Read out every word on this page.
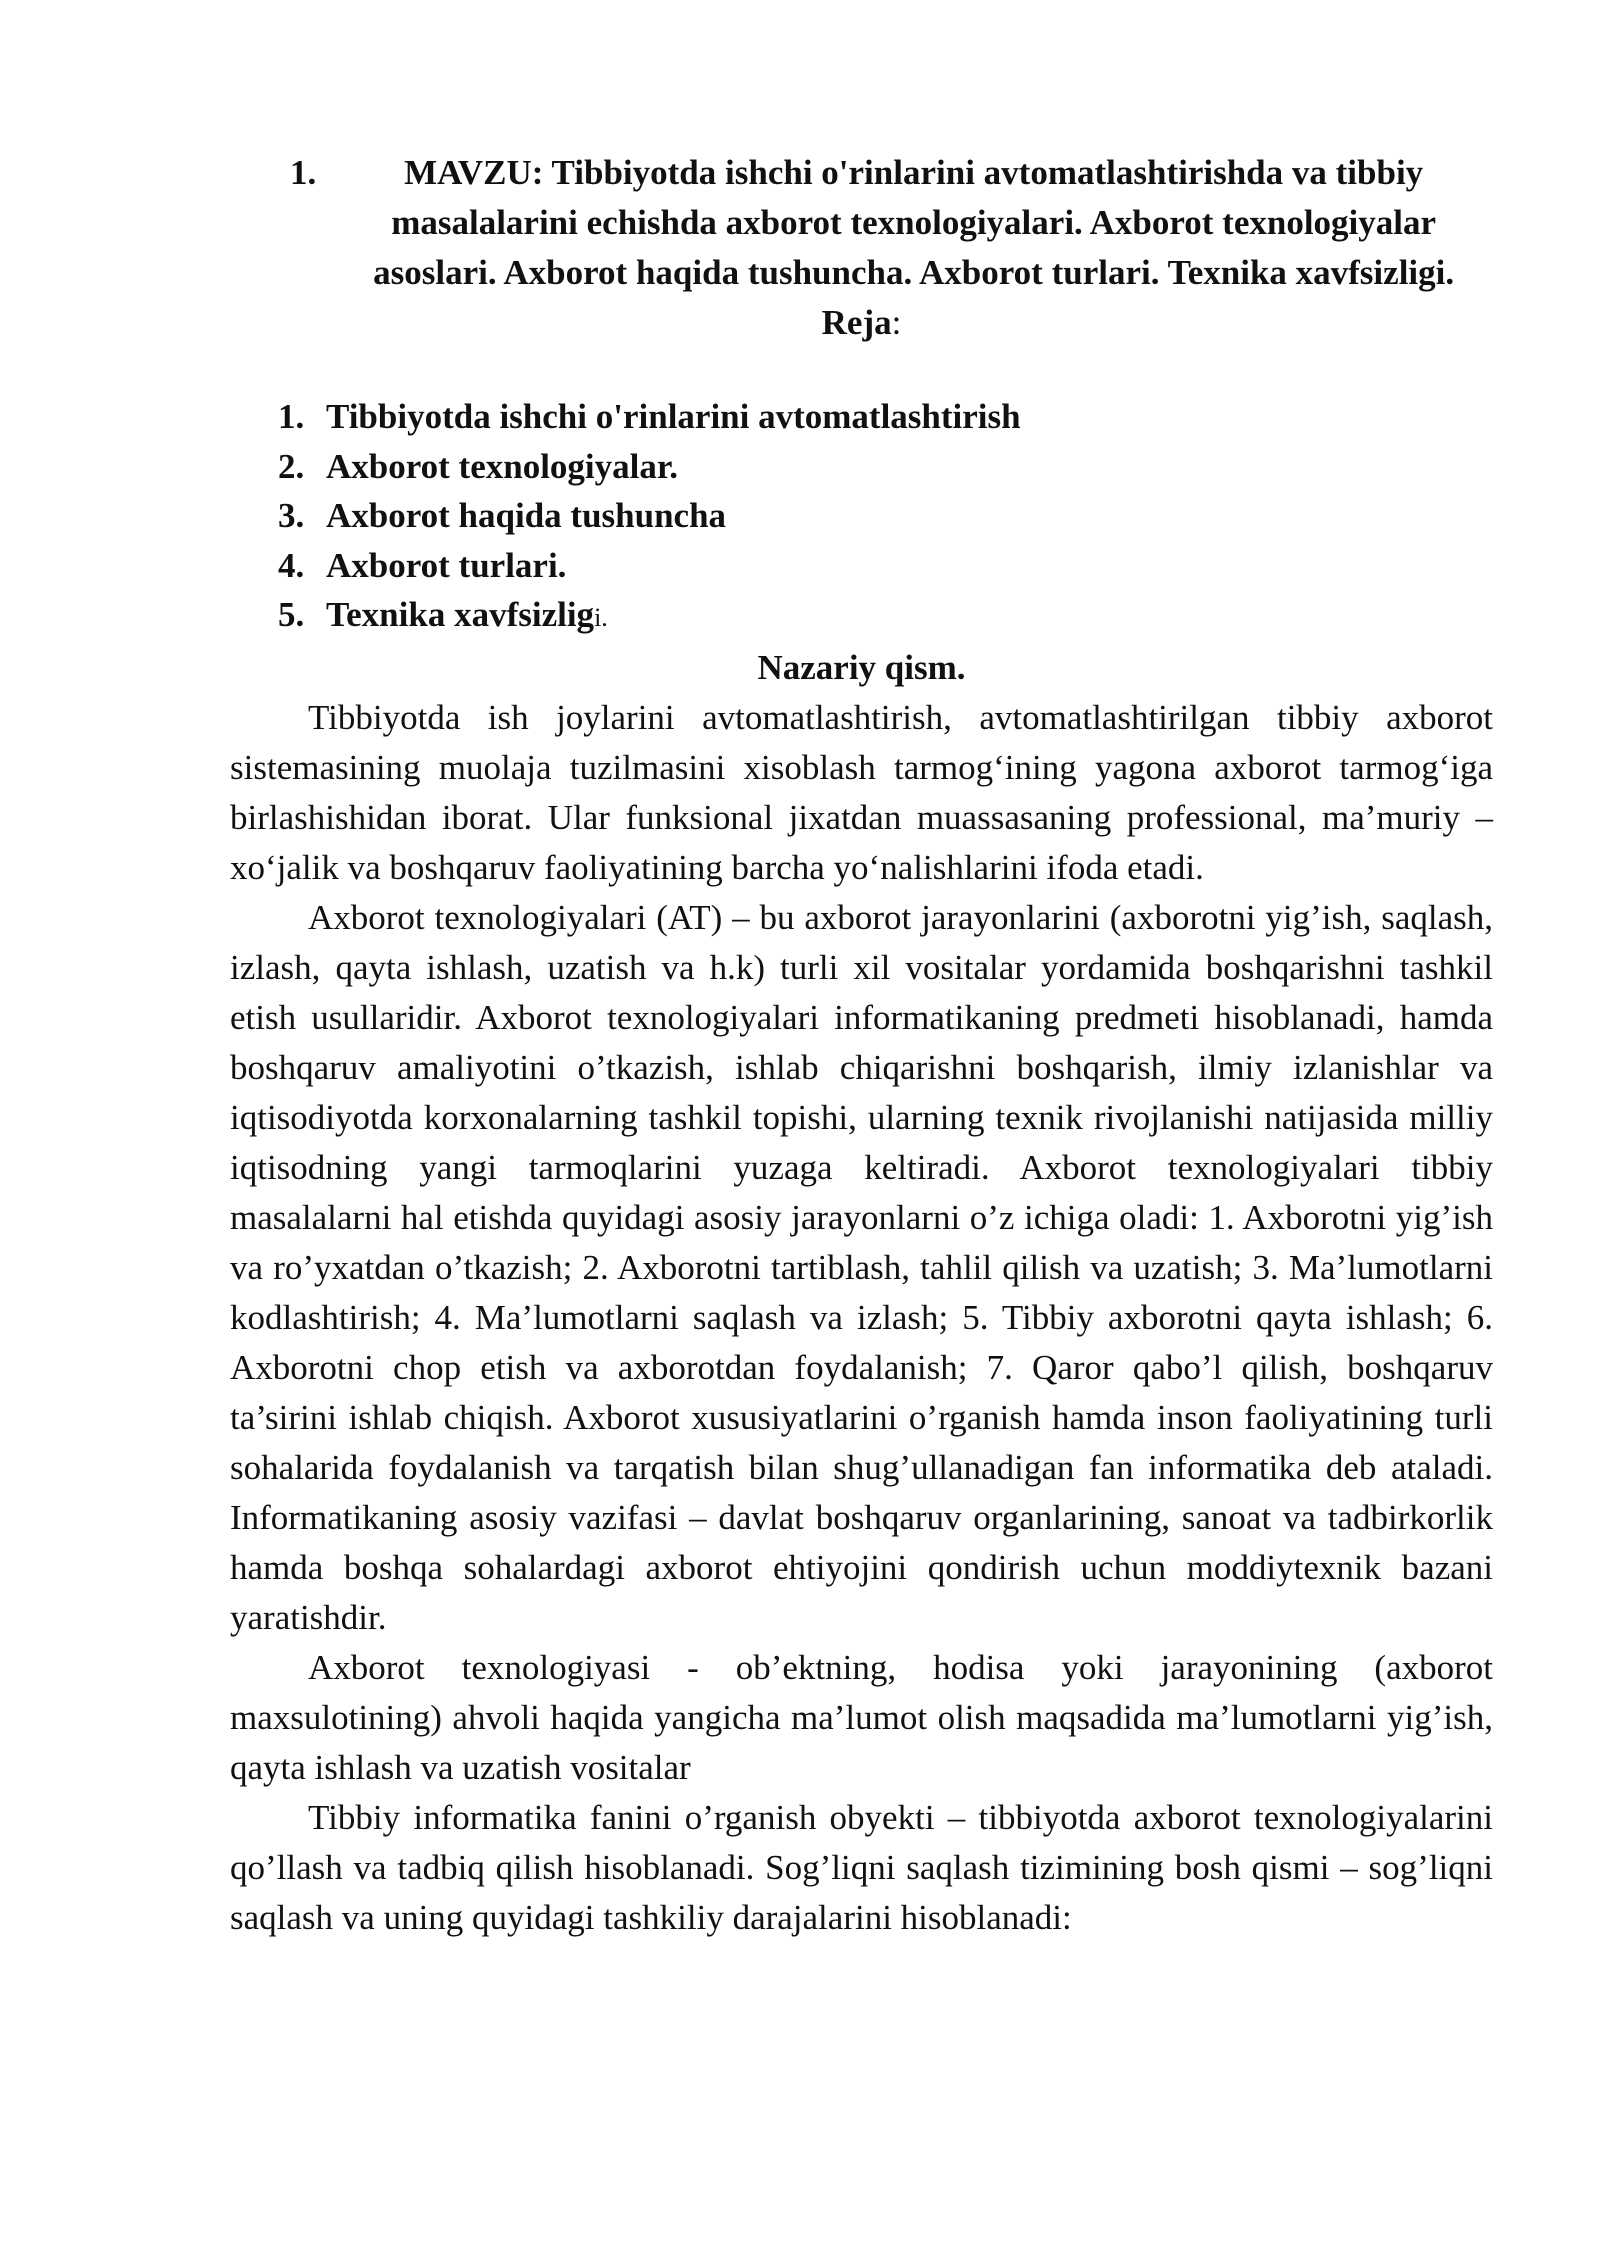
1.	MAVZU: Tibbiyotda ishchi o'rinlarini avtomatlashtirishda va tibbiy masalalarini echishda axborot texnologiyalari. Axborot texnologiyalar asoslari. Axborot haqida tushuncha. Axborot turlari. Texnika xavfsizligi.
Reja:
1. Tibbiyotda ishchi o'rinlarini avtomatlashtirish
2. Axborot texnologiyalar.
3. Axborot haqida tushuncha
4. Axborot turlari.
5. Texnika xavfsizligi.
Nazariy qism.

Tibbiyotda ish joylarini avtomatlashtirish, avtomatlashtirilgan tibbiy axborot sistemasining muolaja tuzilmasini xisoblash tarmog‘ining yagona axborot tarmog‘iga birlashishidan iborat. Ular funksional jixatdan muassasaning professional, ma’muriy – xo‘jalik va boshqaruv faoliyatining barcha yo‘nalishlarini ifoda etadi.

Axborot texnologiyalari (AT) – bu axborot jarayonlarini (axborotni yig’ish, saqlash, izlash, qayta ishlash, uzatish va h.k) turli xil vositalar yordamida boshqarishni tashkil etish usullaridir. Axborot texnologiyalari informatikaning predmeti hisoblanadi, hamda boshqaruv amaliyotini o’tkazish, ishlab chiqarishni boshqarish, ilmiy izlanishlar va iqtisodiyotda korxonalarning tashkil topishi, ularning texnik rivojlanishi natijasida milliy iqtisodning yangi tarmoqlarini yuzaga keltiradi. Axborot texnologiyalari tibbiy masalalarni hal etishda quyidagi asosiy jarayonlarni o’z ichiga oladi: 1. Axborotni yig’ish va ro’yxatdan o’tkazish; 2. Axborotni tartiblash, tahlil qilish va uzatish; 3. Ma’lumotlarni kodlashtirish; 4. Ma’lumotlarni saqlash va izlash; 5. Tibbiy axborotni qayta ishlash; 6. Axborotni chop etish va axborotdan foydalanish; 7. Qaror qabo’l qilish, boshqaruv ta’sirini ishlab chiqish. Axborot xususiyatlarini o’rganish hamda inson faoliyatining turli sohalarida foydalanish va tarqatish bilan shug’ullanadigan fan informatika deb ataladi. Informatikaning asosiy vazifasi – davlat boshqaruv organlarining, sanoat va tadbirkorlik hamda boshqa sohalardagi axborot ehtiyojini qondirish uchun moddiytexnik bazani yaratishdir.

Axborot texnologiyasi - ob’ektning, hodisa yoki jarayonining (axborot maxsulotining) ahvoli haqida yangicha ma’lumot olish maqsadida ma’lumotlarni yig’ish, qayta ishlash va uzatish vositalar

Tibbiy informatika fanini o’rganish obyekti – tibbiyotda axborot texnologiyalarini qo’llash va tadbiq qilish hisoblanadi. Sog’liqni saqlash tizimining bosh qismi – sog’liqni saqlash va uning quyidagi tashkiliy darajalarini hisoblanadi:
